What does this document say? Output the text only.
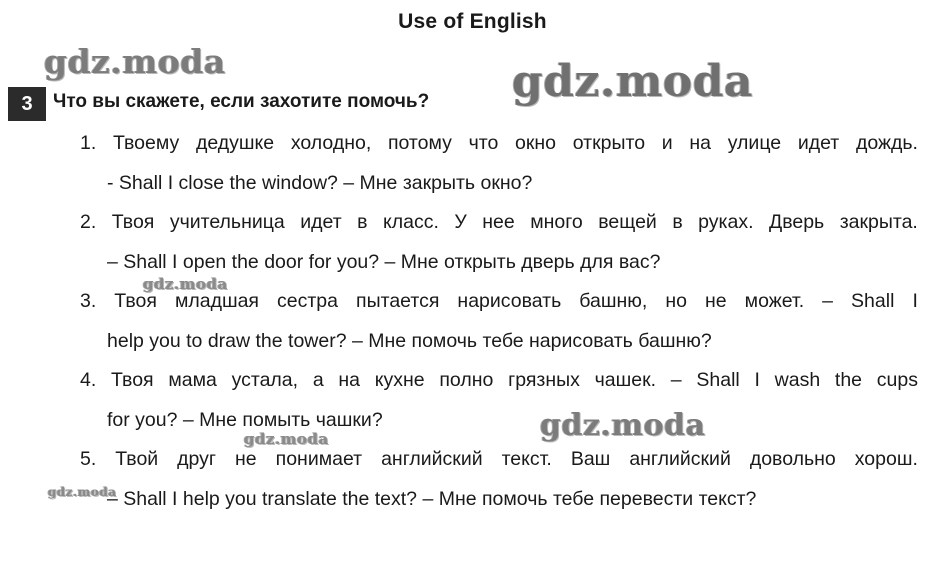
Use of English
3	Что вы скажете, если захотите помочь?
1. Твоему дедушке холодно, потому что окно открыто и на улице идет дождь.
- Shall I close the window? – Мне закрыть окно?
2. Твоя учительница идет в класс. У нее много вещей в руках. Дверь закрыта.
– Shall I open the door for you? – Мне открыть дверь для вас?
3. Твоя младшая сестра пытается нарисовать башню, но не может. – Shall I
help you to draw the tower? – Мне помочь тебе нарисовать башню?
4. Твоя мама устала, а на кухне полно грязных чашек. – Shall I wash the cups
for you? – Мне помыть чашки?
5. Твой друг не понимает английский текст. Ваш английский довольно хорош.
– Shall I help you translate the text? – Мне помочь тебе перевести текст?
gdz.moda	gdz.moda
gdz.moda
gdz.moda
gdz.moda
gdz.moda
